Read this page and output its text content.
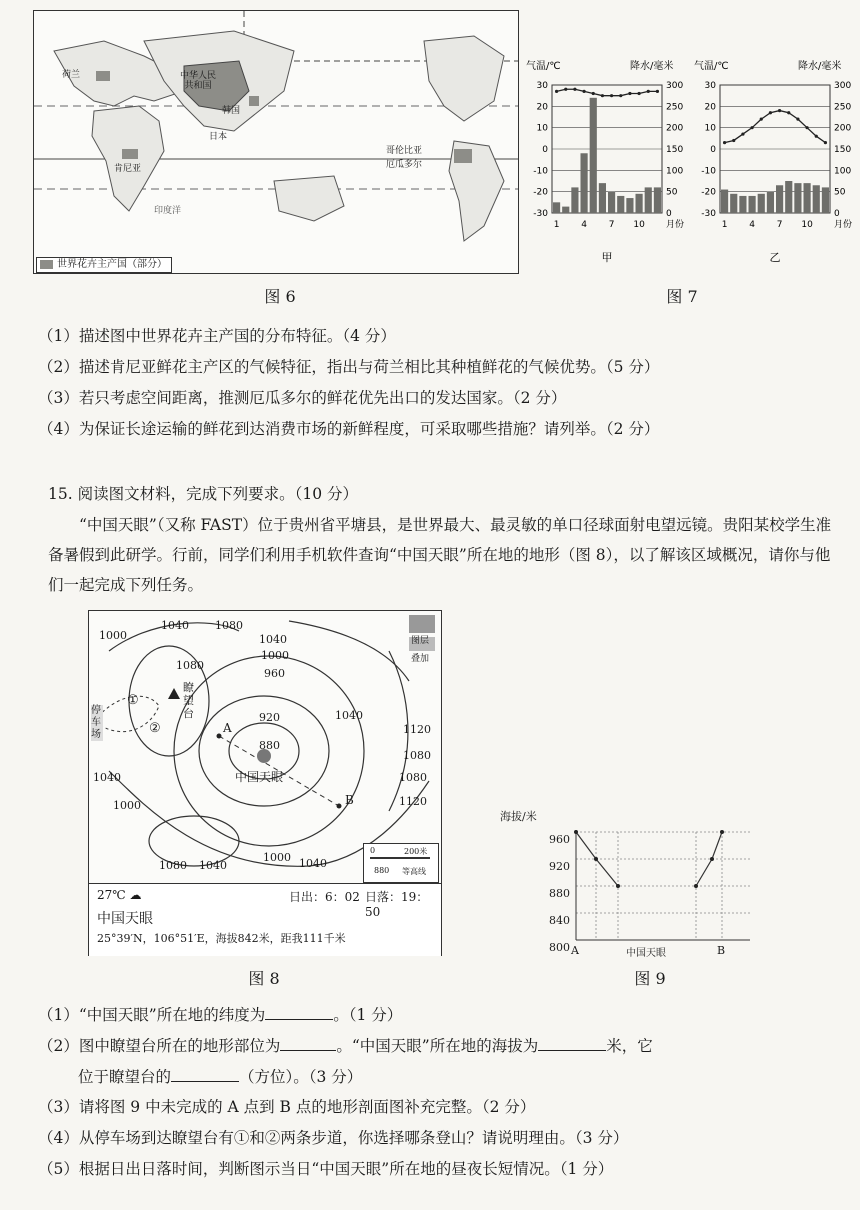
荷兰	中华人民共和国
韩国
日本
肯尼亚
哥伦比亚
厄瓜多尔
印度洋
世界花卉主产国（部分）
图 6
气温/℃	降水/毫米
30	300
20	250
10	200
0	150
-10	100
-20	50
-30	0
1 4 7 10 月份
甲
气温/℃	降水/毫米
30	300
20	250
10	200
0	150
-10	100
-20	50
-30	0
1 4 7 10 月份
乙
图 7
（1）描述图中世界花卉主产国的分布特征。（4 分）
（2）描述肯尼亚鲜花主产区的气候特征，指出与荷兰相比其种植鲜花的气候优势。（5 分）
（3）若只考虑空间距离，推测厄瓜多尔的鲜花优先出口的发达国家。（2 分）
（4）为保证长途运输的鲜花到达消费市场的新鲜程度，可采取哪些措施？请列举。（2 分）
15. 阅读图文材料，完成下列要求。（10 分）
“中国天眼”（又称 FAST）位于贵州省平塘县，是世界最大、最灵敏的单口径球面射电望远镜。贵阳某校学生准备暑假到此研学。行前，同学们利用手机软件查询“中国天眼”所在地的地形（图 8），以了解该区域概况，请你与他们一起完成下列任务。
1000
1040 1080
1040
1000
960
1080
920
880
1040
1120
1080
1080
1120
1040
1000
1080 1040
1000 1040
中国天眼
瞭望台
停车场
①
②	A
B
图层
叠加
0	200米
880 等高线
27℃ ☁	日出：6：02 日落：19：50
中国天眼
25°39′N，106°51′E，海拔842米，距我111千米
图 8
海拔/米
960
920
880
840
800 A	中国天眼	B
图 9
（1）“中国天眼”所在地的纬度为	。（1 分）
（2）图中瞭望台所在的地形部位为	。“中国天眼”所在地的海拔为	米，它
位于瞭望台的	（方位）。（3 分）
（3）请将图 9 中未完成的 A 点到 B 点的地形剖面图补充完整。（2 分）
（4）从停车场到达瞭望台有①和②两条步道，你选择哪条登山？请说明理由。（3 分）
（5）根据日出日落时间，判断图示当日“中国天眼”所在地的昼夜长短情况。（1 分）
